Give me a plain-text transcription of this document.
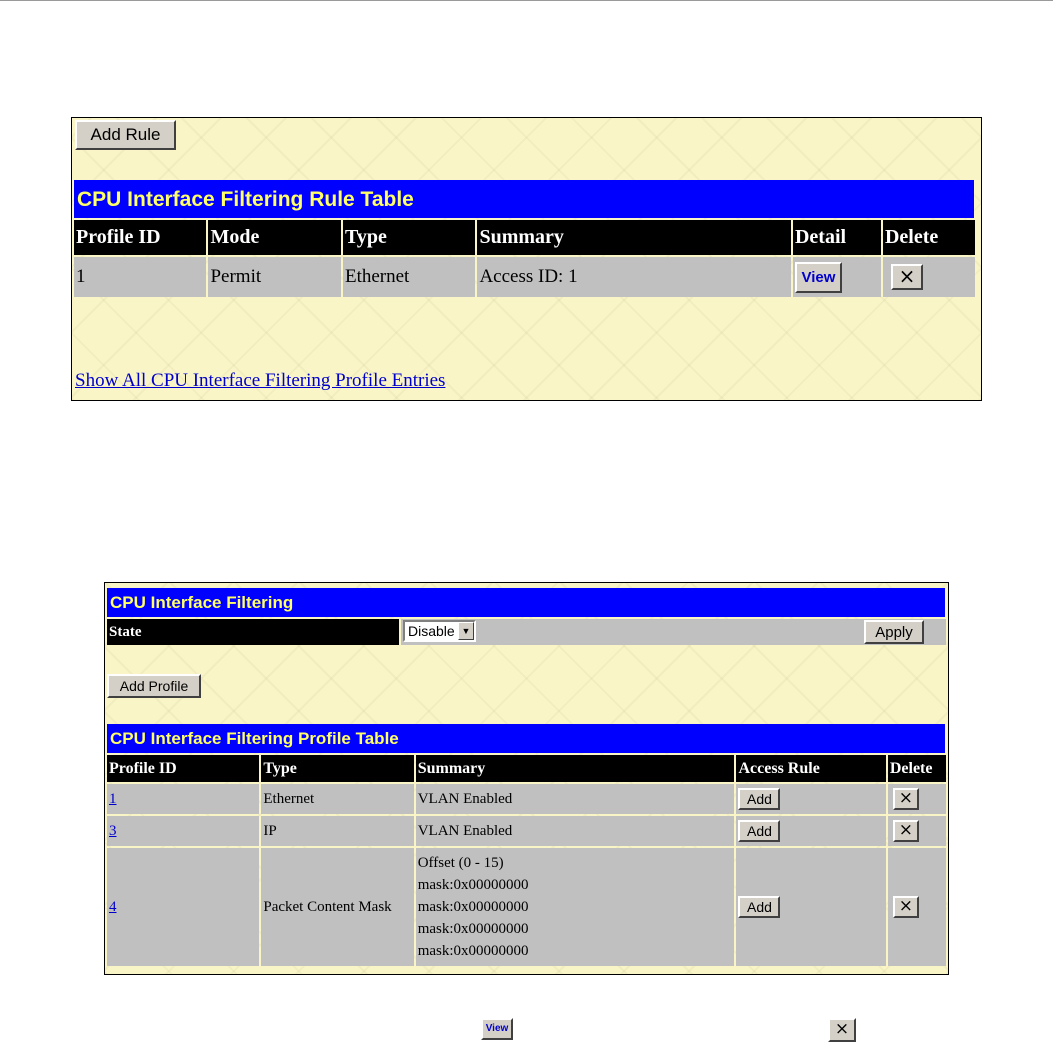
Add Rule
CPU Interface Filtering Rule Table
Profile ID	Mode	Type	Summary	Detail	Delete
1	Permit	Ethernet	Access ID: 1	View	×
Show All CPU Interface Filtering Profile Entries
CPU Interface Filtering
State	Disable ▼	Apply
Add Profile
CPU Interface Filtering Profile Table
Profile ID	Type	Summary	Access Rule	Delete
1	Ethernet	VLAN Enabled	Add	×
3	IP	VLAN Enabled	Add	×
4	Packet Content Mask	Offset (0 - 15)
mask:0x00000000
mask:0x00000000
mask:0x00000000
mask:0x00000000	Add	×
View	×
